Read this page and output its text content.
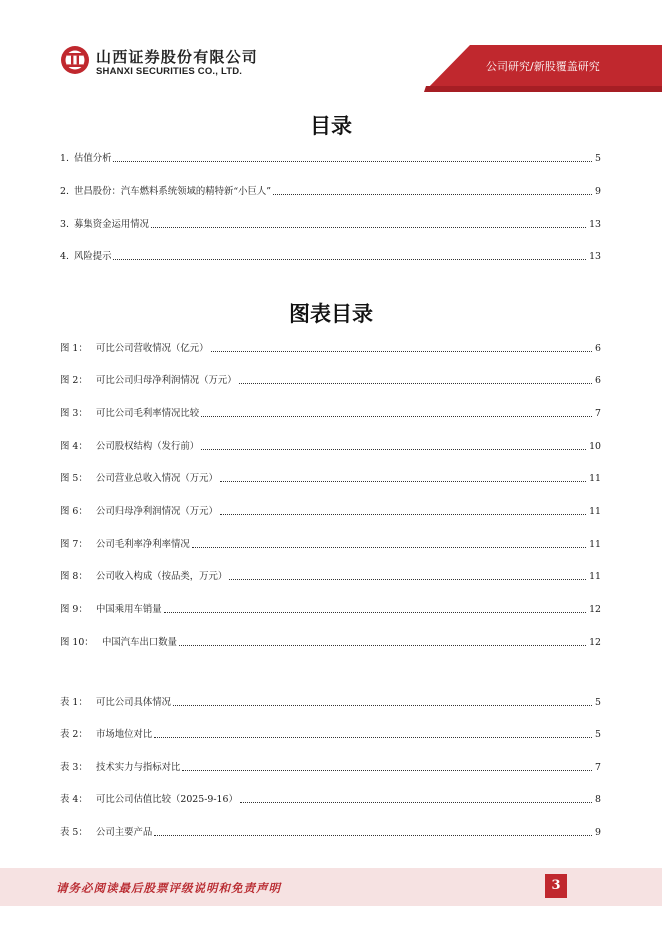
公司研究/新股覆盖研究
山西证券股份有限公司
SHANXI SECURITIES CO., LTD.
目录
1. 估值分析	5
2. 世昌股份：汽车燃料系统领域的精特新“小巨人”	9
3. 募集资金运用情况	13
4. 风险提示	13
图表目录
图 1： 可比公司营收情况（亿元）	6
图 2： 可比公司归母净利润情况（万元）	6
图 3： 可比公司毛利率情况比较	7
图 4： 公司股权结构（发行前）	10
图 5： 公司营业总收入情况（万元）	11
图 6： 公司归母净利润情况（万元）	11
图 7： 公司毛利率净利率情况	11
图 8： 公司收入构成（按品类，万元）	11
图 9： 中国乘用车销量	12
图 10： 中国汽车出口数量	12
表 1： 可比公司具体情况	5
表 2： 市场地位对比	5
表 3： 技术实力与指标对比	7
表 4： 可比公司估值比较（2025-9-16）	8
表 5： 公司主要产品	9
请务必阅读最后股票评级说明和免责声明	3
